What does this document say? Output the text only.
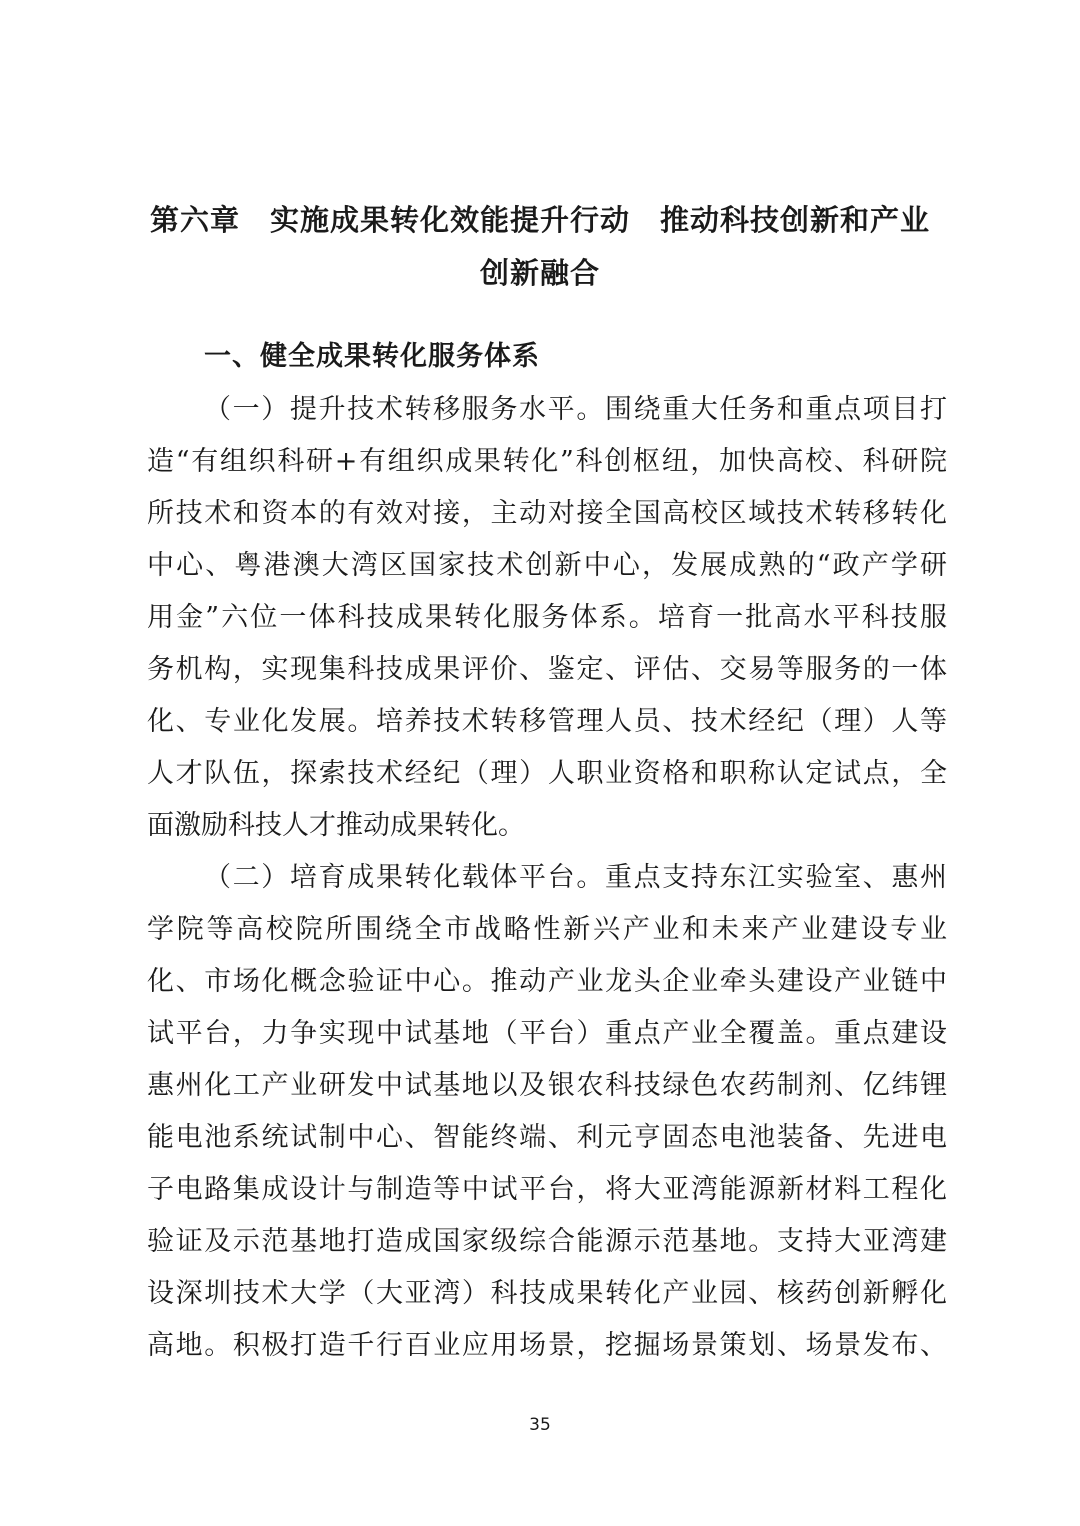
第六章　实施成果转化效能提升行动　推动科技创新和产业
创新融合
一、健全成果转化服务体系
（一）提升技术转移服务水平。围绕重大任务和重点项目打
造“有组织科研+有组织成果转化”科创枢纽，加快高校、科研院
所技术和资本的有效对接，主动对接全国高校区域技术转移转化
中心、粤港澳大湾区国家技术创新中心，发展成熟的“政产学研
用金”六位一体科技成果转化服务体系。培育一批高水平科技服
务机构，实现集科技成果评价、鉴定、评估、交易等服务的一体
化、专业化发展。培养技术转移管理人员、技术经纪（理）人等
人才队伍，探索技术经纪（理）人职业资格和职称认定试点，全
面激励科技人才推动成果转化。
（二）培育成果转化载体平台。重点支持东江实验室、惠州
学院等高校院所围绕全市战略性新兴产业和未来产业建设专业
化、市场化概念验证中心。推动产业龙头企业牵头建设产业链中
试平台，力争实现中试基地（平台）重点产业全覆盖。重点建设
惠州化工产业研发中试基地以及银农科技绿色农药制剂、亿纬锂
能电池系统试制中心、智能终端、利元亨固态电池装备、先进电
子电路集成设计与制造等中试平台，将大亚湾能源新材料工程化
验证及示范基地打造成国家级综合能源示范基地。支持大亚湾建
设深圳技术大学（大亚湾）科技成果转化产业园、核药创新孵化
高地。积极打造千行百业应用场景，挖掘场景策划、场景发布、
35
